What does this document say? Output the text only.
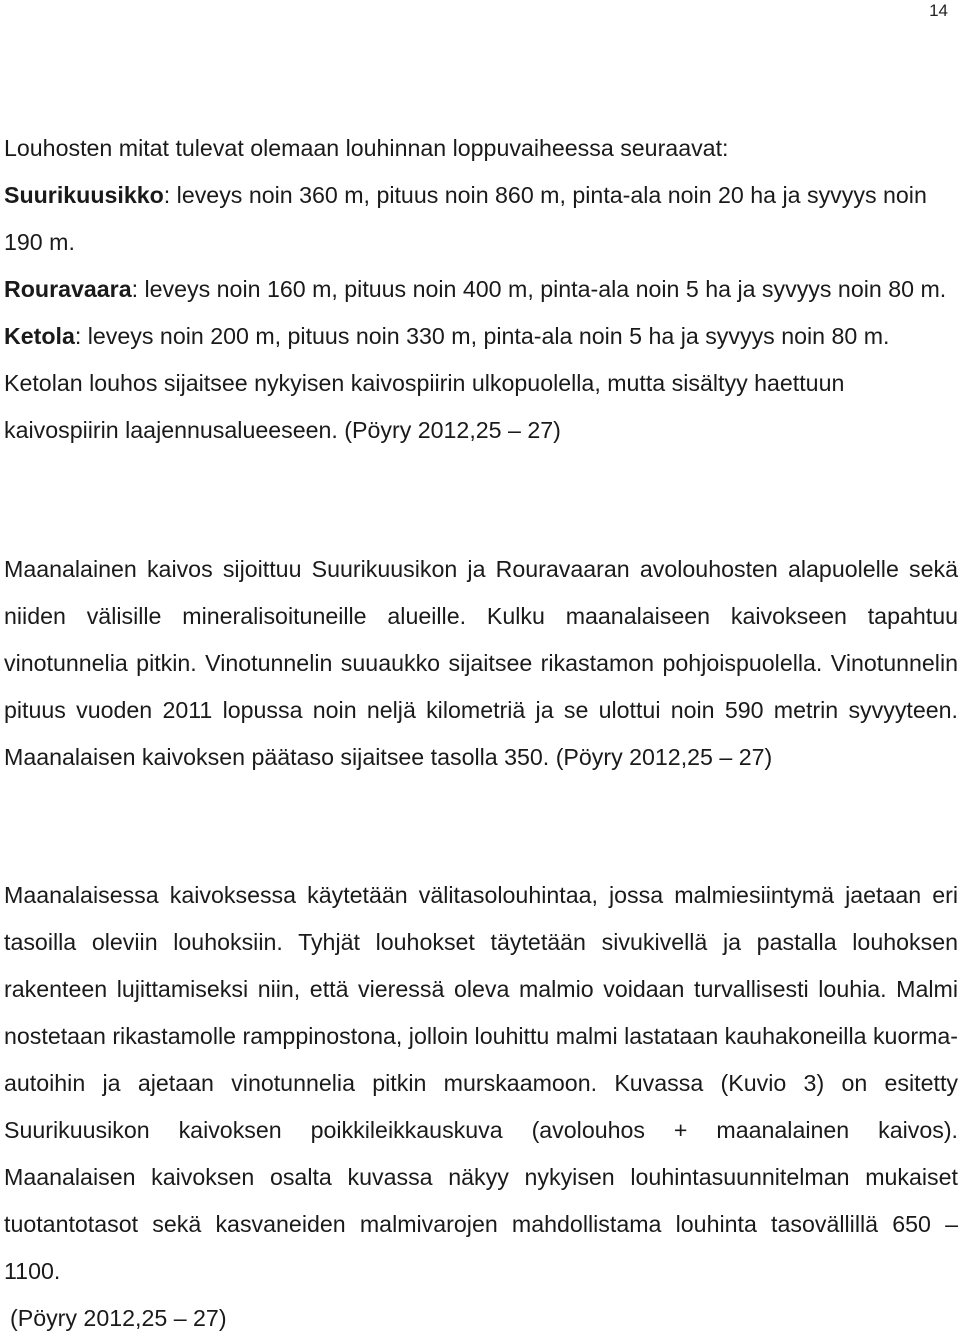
14

Louhosten mitat tulevat olemaan louhinnan loppuvaiheessa seuraavat:

Suurikuusikko: leveys noin 360 m, pituus noin 860 m, pinta-ala noin 20 ha ja syvyys noin 190 m.

Rouravaara: leveys noin 160 m, pituus noin 400 m, pinta-ala noin 5 ha ja syvyys noin 80 m.

Ketola: leveys noin 200 m, pituus noin 330 m, pinta-ala noin 5 ha ja syvyys noin 80 m. Ketolan louhos sijaitsee nykyisen kaivospiirin ulkopuolella, mutta sisältyy haettuun kaivospiirin laajennusalueeseen. (Pöyry 2012,25 – 27)

Maanalainen kaivos sijoittuu Suurikuusikon ja Rouravaaran avolouhosten alapuolelle sekä niiden välisille mineralisoituneille alueille. Kulku maanalaiseen kaivokseen tapahtuu vinotunnelia pitkin. Vinotunnelin suuaukko sijaitsee rikastamon pohjoispuolella. Vinotunnelin pituus vuoden 2011 lopussa noin neljä kilometriä ja se ulottui noin 590 metrin syvyyteen. Maanalaisen kaivoksen päätaso sijaitsee tasolla 350. (Pöyry 2012,25 – 27)

Maanalaisessa kaivoksessa käytetään välitasolouhintaa, jossa malmiesiintymä jaetaan eri tasoilla oleviin louhoksiin. Tyhjät louhokset täytetään sivukivellä ja pastalla louhoksen rakenteen lujittamiseksi niin, että vieressä oleva malmio voidaan turvallisesti louhia. Malmi nostetaan rikastamolle ramppinostona, jolloin louhittu malmi lastataan kauhakoneilla kuorma-autoihin ja ajetaan vinotunnelia pitkin murskaamoon. Kuvassa (Kuvio 3) on esitetty Suurikuusikon kaivoksen poikkileikkauskuva (avolouhos + maanalainen kaivos). Maanalaisen kaivoksen osalta kuvassa näkyy nykyisen louhintasuunnitelman mukaiset tuotantotasot sekä kasvaneiden malmivarojen mahdollistama louhinta tasovällillä 650 – 1100.

(Pöyry 2012,25 – 27)
